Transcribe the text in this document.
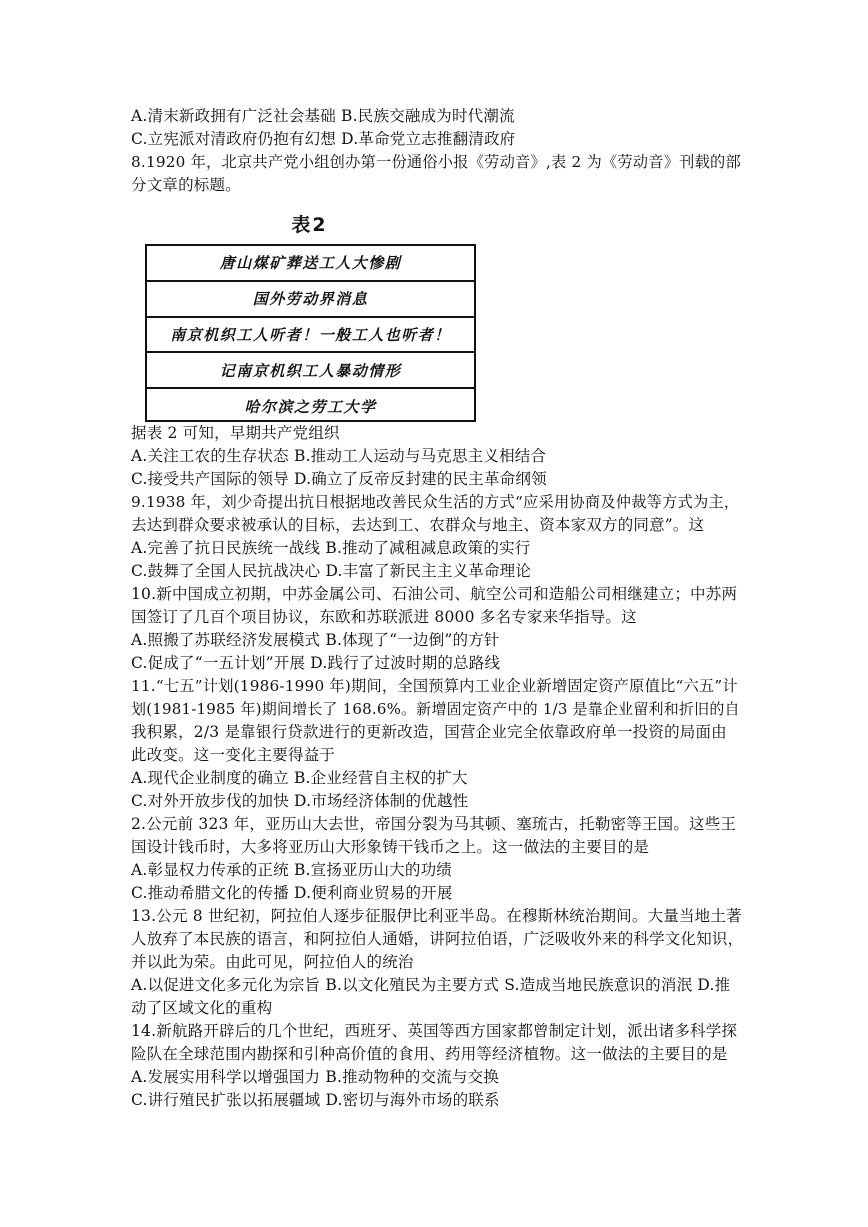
A.清末新政拥有广泛社会基础 B.民族交融成为时代潮流
C.立宪派对清政府仍抱有幻想 D.革命党立志推翻清政府
8.1920 年，北京共产党小组创办第一份通俗小报《劳动音》,表 2 为《劳动音》刊载的部
分文章的标题。
表2
唐山煤矿葬送工人大惨剧
国外劳动界消息
南京机织工人听者！一般工人也听者！
记南京机织工人暴动情形
哈尔滨之劳工大学
据表 2 可知，早期共产党组织
A.关注工农的生存状态 B.推动工人运动与马克思主义相结合
C.接受共产国际的领导 D.确立了反帝反封建的民主革命纲领
9.1938 年，刘少奇提出抗日根据地改善民众生活的方式“应采用协商及仲裁等方式为主，
去达到群众要求被承认的目标，去达到工、农群众与地主、资本家双方的同意”。这
A.完善了抗日民族统一战线 B.推动了减租减息政策的实行
C.鼓舞了全国人民抗战决心 D.丰富了新民主主义革命理论
10.新中国成立初期，中苏金属公司、石油公司、航空公司和造船公司相继建立；中苏两
国签订了几百个项目协议，东欧和苏联派进 8000 多名专家来华指导。这
A.照搬了苏联经济发展模式 B.体现了“一边倒”的方针
C.促成了“一五计划”开展 D.践行了过波时期的总路线
11.“七五”计划(1986-1990 年)期间，全国预算内工业企业新增固定资产原值比“六五”计
划(1981-1985 年)期间增长了 168.6%。新增固定资产中的 1/3 是靠企业留利和折旧的自
我积累，2/3 是靠银行贷款进行的更新改造，国营企业完全依靠政府单一投资的局面由
此改变。这一变化主要得益于
A.现代企业制度的确立 B.企业经营自主权的扩大
C.对外开放步伐的加快 D.市场经济体制的优越性
2.公元前 323 年，亚历山大去世，帝国分裂为马其顿、塞琉古，托勒密等王国。这些王
国设计钱币时，大多将亚历山大形象铸干钱币之上。这一做法的主要目的是
A.彰显权力传承的正统 B.宣扬亚历山大的功绩
C.推动希腊文化的传播 D.便利商业贸易的开展
13.公元 8 世纪初，阿拉伯人逐步征服伊比利亚半岛。在穆斯林统治期间。大量当地土著
人放弃了本民族的语言，和阿拉伯人通婚，讲阿拉伯语，广泛吸收外来的科学文化知识，
并以此为荣。由此可见，阿拉伯人的统治
A.以促进文化多元化为宗旨 B.以文化殖民为主要方式 S.造成当地民族意识的消泯 D.推
动了区域文化的重构
14.新航路开辟后的几个世纪，西班牙、英国等西方国家都曾制定计划，派出诸多科学探
险队在全球范围内勘探和引种高价值的食用、药用等经济植物。这一做法的主要目的是
A.发展实用科学以增强国力 B.推动物种的交流与交换
C.讲行殖民扩张以拓展疆域 D.密切与海外市场的联系
